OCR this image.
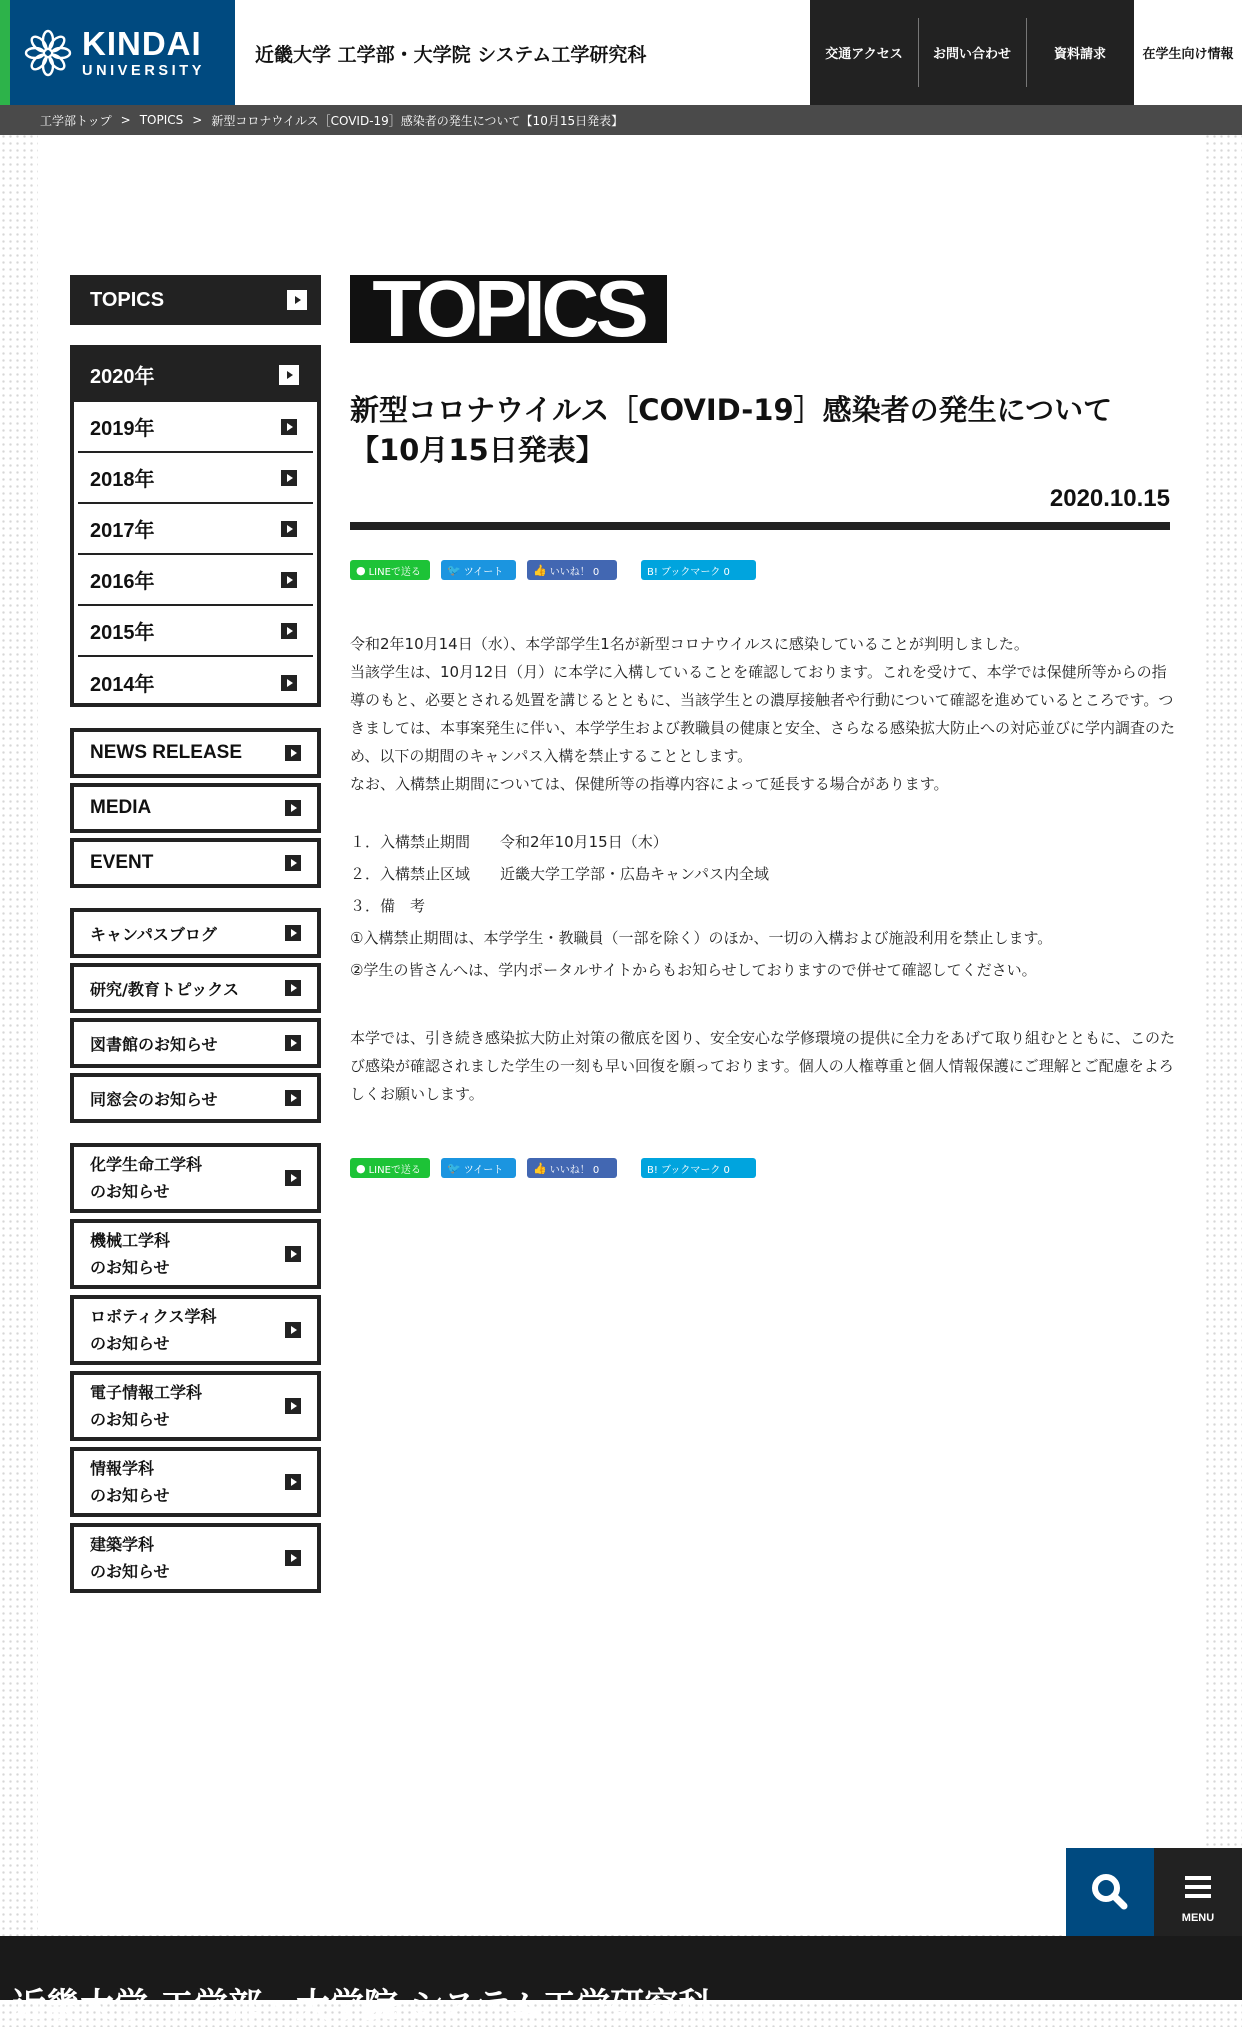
KINDAI
UNIVERSITY
近畿大学 工学部・大学院 システム工学研究科	交通アクセス	お問い合わせ	資料請求	在学生向け情報
工学部トップ > TOPICS > 新型コロナウイルス［COVID-19］感染者の発生について【10月15日発表】
TOPICS
2020年
2019年
2018年
2017年
2016年
2015年
2014年
NEWS RELEASE
MEDIA
EVENT
キャンパスブログ
研究/教育トピックス
図書館のお知らせ
同窓会のお知らせ
化学生命工学科
のお知らせ
機械工学科
のお知らせ
ロボティクス学科
のお知らせ
電子情報工学科
のお知らせ
情報学科
のお知らせ
建築学科
のお知らせ
TOPICS
新型コロナウイルス［COVID-19］感染者の発生について
【10月15日発表】
2020.10.15
● LINEで送る 🐦 ツイート	👍 いいね！ 0	B! ブックマーク 0

令和2年10月14日（水）、本学部学生1名が新型コロナウイルスに感染していることが判明しました。

当該学生は、10月12日（月）に本学に入構していることを確認しております。これを受けて、本学では保健所等からの指導のもと、必要とされる処置を講じるとともに、当該学生との濃厚接触者や行動について確認を進めているところです。つきましては、本事案発生に伴い、本学学生および教職員の健康と安全、さらなる感染拡大防止への対応並びに学内調査のため、以下の期間のキャンパス入構を禁止することとします。

なお、入構禁止期間については、保健所等の指導内容によって延長する場合があります。

１．入構禁止期間　　令和2年10月15日（木）

２．入構禁止区域　　近畿大学工学部・広島キャンパス内全域

３．備　考

①入構禁止期間は、本学学生・教職員（一部を除く）のほか、一切の入構および施設利用を禁止します。

②学生の皆さんへは、学内ポータルサイトからもお知らせしておりますので併せて確認してください。

本学では、引き続き感染拡大防止対策の徹底を図り、安全安心な学修環境の提供に全力をあげて取り組むとともに、このたび感染が確認されました学生の一刻も早い回復を願っております。個人の人権尊重と個人情報保護にご理解とご配慮をよろしくお願いします。

● LINEで送る 🐦 ツイート	👍 いいね！ 0	B! ブックマーク 0
MENU
近畿大学 工学部・大学院 システム工学研究科
